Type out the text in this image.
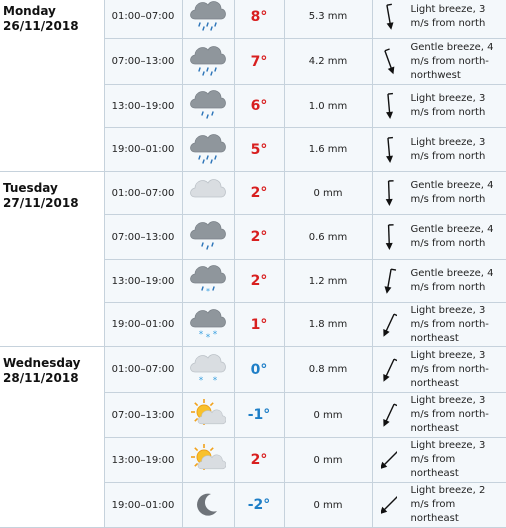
Monday
26/11/2018	01:00–07:00		8°	5.3 mm	Light breeze, 3 m/s from north

	07:00–13:00		7°	4.2 mm	Gentle breeze, 4 m/s from north-northwest

	13:00–19:00		6°	1.0 mm	Light breeze, 3 m/s from north

	19:00–01:00		5°	1.6 mm	Light breeze, 3 m/s from north

Tuesday
27/11/2018	01:00–07:00		2°	0 mm	Gentle breeze, 4 m/s from north

	07:00–13:00		2°	0.6 mm	Gentle breeze, 4 m/s from north

	13:00–19:00	*	2°	1.2 mm	Gentle breeze, 4 m/s from north

	19:00–01:00	* * *	1°	1.8 mm	Light breeze, 3 m/s from north-northeast

Wednesday
28/11/2018	01:00–07:00	* *	0°	0.8 mm	Light breeze, 3 m/s from north-northeast

	07:00–13:00		-1°	0 mm	Light breeze, 3 m/s from north-northeast

	13:00–19:00		2°	0 mm	Light breeze, 3 m/s from northeast

	19:00–01:00		-2°	0 mm	Light breeze, 2 m/s from northeast
